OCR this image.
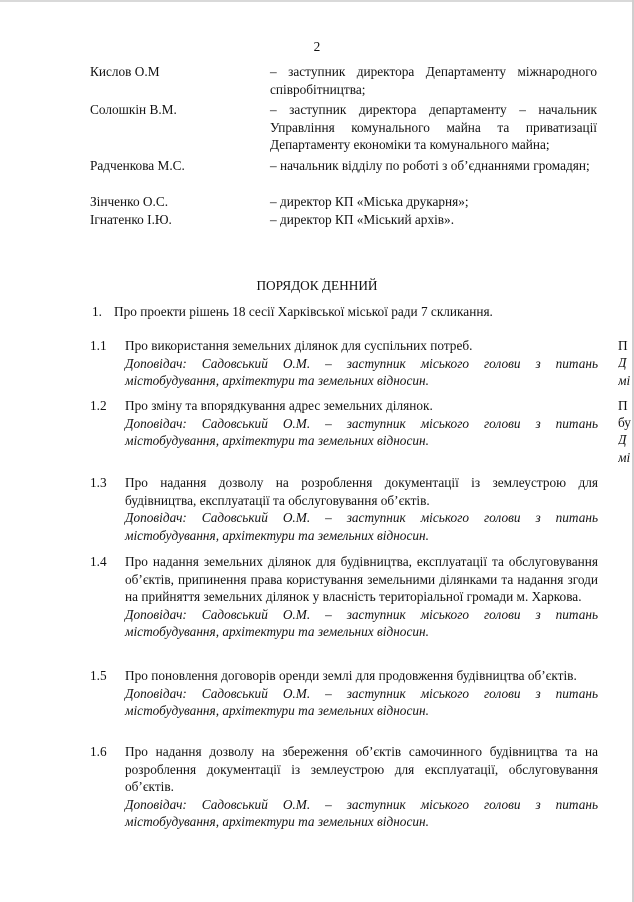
2
Кислов О.М	– заступник директора Департаменту міжнародного співробітництва;
Солошкін В.М.	– заступник директора департаменту – начальник Управління комунального майна та приватизації Департаменту економіки та комунального майна;
Радченкова М.С.	– начальник відділу по роботі з об’єднаннями громадян;
Зінченко О.С.	– директор КП «Міська друкарня»;
Ігнатенко І.Ю.	– директор КП «Міський архів».
ПОРЯДОК ДЕННИЙ
1. Про проекти рішень 18 сесії Харківської міської ради 7 скликання.
1.1 Про використання земельних ділянок для суспільних потреб.
Доповідач: Садовський О.М. – заступник міського голови з питань містобудування, архітектури та земельних відносин.
1.2 Про зміну та впорядкування адрес земельних ділянок.
Доповідач: Садовський О.М. – заступник міського голови з питань містобудування, архітектури та земельних відносин.
1.3 Про надання дозволу на розроблення документації із землеустрою для будівництва, експлуатації та обслуговування об’єктів.
Доповідач: Садовський О.М. – заступник міського голови з питань містобудування, архітектури та земельних відносин.
1.4 Про надання земельних ділянок для будівництва, експлуатації та обслуговування об’єктів, припинення права користування земельними ділянками та надання згоди на прийняття земельних ділянок у власність територіальної громади м. Харкова.
Доповідач: Садовський О.М. – заступник міського голови з питань містобудування, архітектури та земельних відносин.
1.5 Про поновлення договорів оренди землі для продовження будівництва об’єктів.
Доповідач: Садовський О.М. – заступник міського голови з питань містобудування, архітектури та земельних відносин.
1.6 Про надання дозволу на збереження об’єктів самочинного будівництва та на розроблення документації із землеустрою для експлуатації, обслуговування об’єктів.
Доповідач: Садовський О.М. – заступник міського голови з питань містобудування, архітектури та земельних відносин.
П
Д
мі
П
бу
Д
мі
